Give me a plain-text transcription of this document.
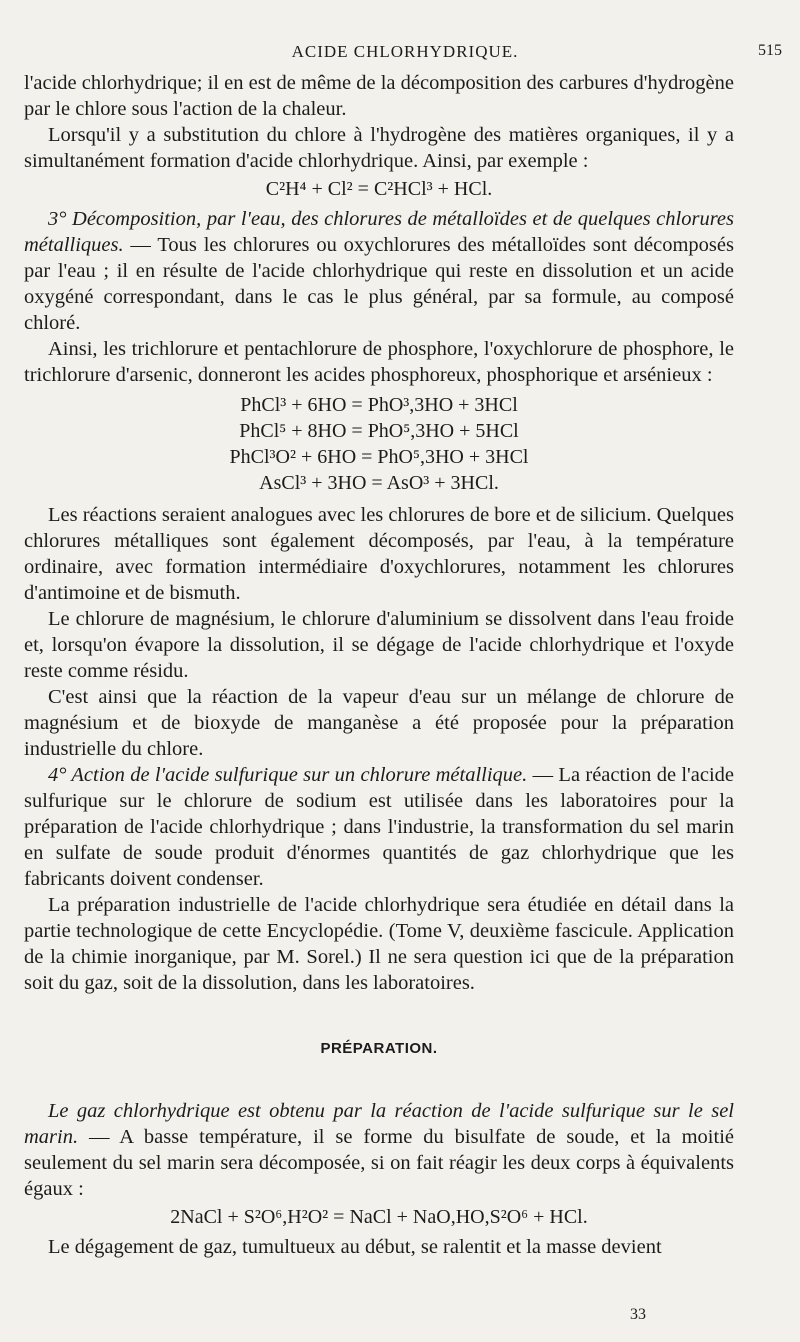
ACIDE CHLORHYDRIQUE.	515

l'acide chlorhydrique; il en est de même de la décomposition des carbures d'hydrogène par le chlore sous l'action de la chaleur.

Lorsqu'il y a substitution du chlore à l'hydrogène des matières organiques, il y a simultanément formation d'acide chlorhydrique. Ainsi, par exemple :

C²H⁴ + Cl² = C²HCl³ + HCl.

3° Décomposition, par l'eau, des chlorures de métalloïdes et de quelques chlorures métalliques. — Tous les chlorures ou oxychlorures des métalloïdes sont décomposés par l'eau ; il en résulte de l'acide chlorhydrique qui reste en dissolution et un acide oxygéné correspondant, dans le cas le plus général, par sa formule, au composé chloré.

Ainsi, les trichlorure et pentachlorure de phosphore, l'oxychlorure de phosphore, le trichlorure d'arsenic, donneront les acides phosphoreux, phosphorique et arsénieux :

PhCl³ + 6HO = PhO³,3HO + 3HCl

PhCl⁵ + 8HO = PhO⁵,3HO + 5HCl

PhCl³O² + 6HO = PhO⁵,3HO + 3HCl

AsCl³ + 3HO = AsO³ + 3HCl.

Les réactions seraient analogues avec les chlorures de bore et de silicium. Quelques chlorures métalliques sont également décomposés, par l'eau, à la température ordinaire, avec formation intermédiaire d'oxychlorures, notamment les chlorures d'antimoine et de bismuth.

Le chlorure de magnésium, le chlorure d'aluminium se dissolvent dans l'eau froide et, lorsqu'on évapore la dissolution, il se dégage de l'acide chlorhydrique et l'oxyde reste comme résidu.

C'est ainsi que la réaction de la vapeur d'eau sur un mélange de chlorure de magnésium et de bioxyde de manganèse a été proposée pour la préparation industrielle du chlore.

4° Action de l'acide sulfurique sur un chlorure métallique. — La réaction de l'acide sulfurique sur le chlorure de sodium est utilisée dans les laboratoires pour la préparation de l'acide chlorhydrique ; dans l'industrie, la transformation du sel marin en sulfate de soude produit d'énormes quantités de gaz chlorhydrique que les fabricants doivent condenser.

La préparation industrielle de l'acide chlorhydrique sera étudiée en détail dans la partie technologique de cette Encyclopédie. (Tome V, deuxième fascicule. Application de la chimie inorganique, par M. Sorel.) Il ne sera question ici que de la préparation soit du gaz, soit de la dissolution, dans les laboratoires.

PRÉPARATION.

Le gaz chlorhydrique est obtenu par la réaction de l'acide sulfurique sur le sel marin. — A basse température, il se forme du bisulfate de soude, et la moitié seulement du sel marin sera décomposée, si on fait réagir les deux corps à équivalents égaux :

2NaCl + S²O⁶,H²O² = NaCl + NaO,HO,S²O⁶ + HCl.

Le dégagement de gaz, tumultueux au début, se ralentit et la masse devient

33
